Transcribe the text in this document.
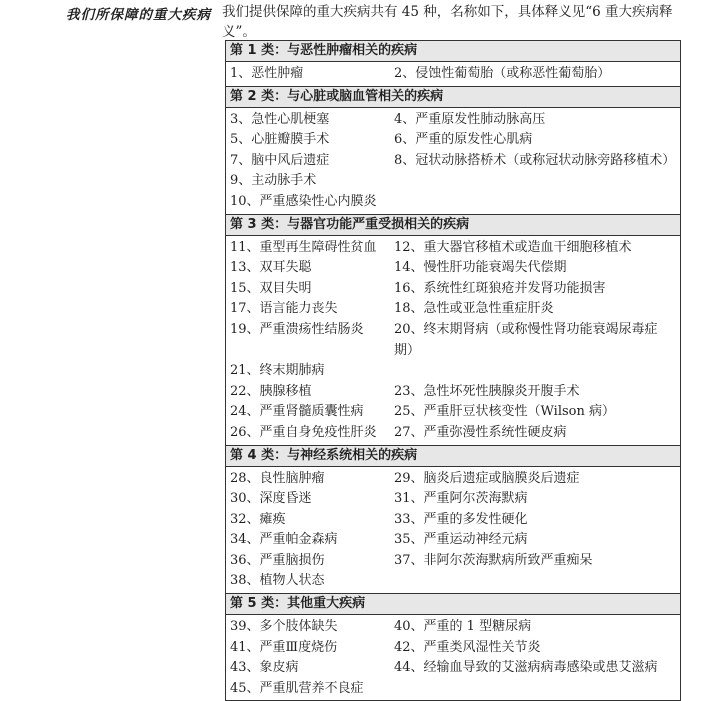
我们所保障的重大疾病 我们提供保障的重大疾病共有 45 种，名称如下，具体释义见“6 重大疾病释义”。
第 1 类：与恶性肿瘤相关的疾病
1、恶性肿瘤	2、侵蚀性葡萄胎（或称恶性葡萄胎）
第 2 类：与心脏或脑血管相关的疾病
3、急性心肌梗塞	4、严重原发性肺动脉高压
5、心脏瓣膜手术	6、严重的原发性心肌病
7、脑中风后遗症	8、冠状动脉搭桥术（或称冠状动脉旁路移植术）
9、主动脉手术
10、严重感染性心内膜炎
第 3 类：与器官功能严重受损相关的疾病
11、重型再生障碍性贫血	12、重大器官移植术或造血干细胞移植术
13、双耳失聪	14、慢性肝功能衰竭失代偿期
15、双目失明	16、系统性红斑狼疮并发肾功能损害
17、语言能力丧失	18、急性或亚急性重症肝炎
19、严重溃疡性结肠炎	20、终末期肾病（或称慢性肾功能衰竭尿毒症期）
21、终末期肺病
22、胰腺移植	23、急性坏死性胰腺炎开腹手术
24、严重肾髓质囊性病	25、严重肝豆状核变性（Wilson 病）
26、严重自身免疫性肝炎	27、严重弥漫性系统性硬皮病
第 4 类：与神经系统相关的疾病
28、良性脑肿瘤	29、脑炎后遗症或脑膜炎后遗症
30、深度昏迷	31、严重阿尔茨海默病
32、瘫痪	33、严重的多发性硬化
34、严重帕金森病	35、严重运动神经元病
36、严重脑损伤	37、非阿尔茨海默病所致严重痴呆
38、植物人状态
第 5 类：其他重大疾病
39、多个肢体缺失	40、严重的 1 型糖尿病
41、严重Ⅲ度烧伤	42、严重类风湿性关节炎
43、象皮病	44、经输血导致的艾滋病病毒感染或患艾滋病
45、严重肌营养不良症
